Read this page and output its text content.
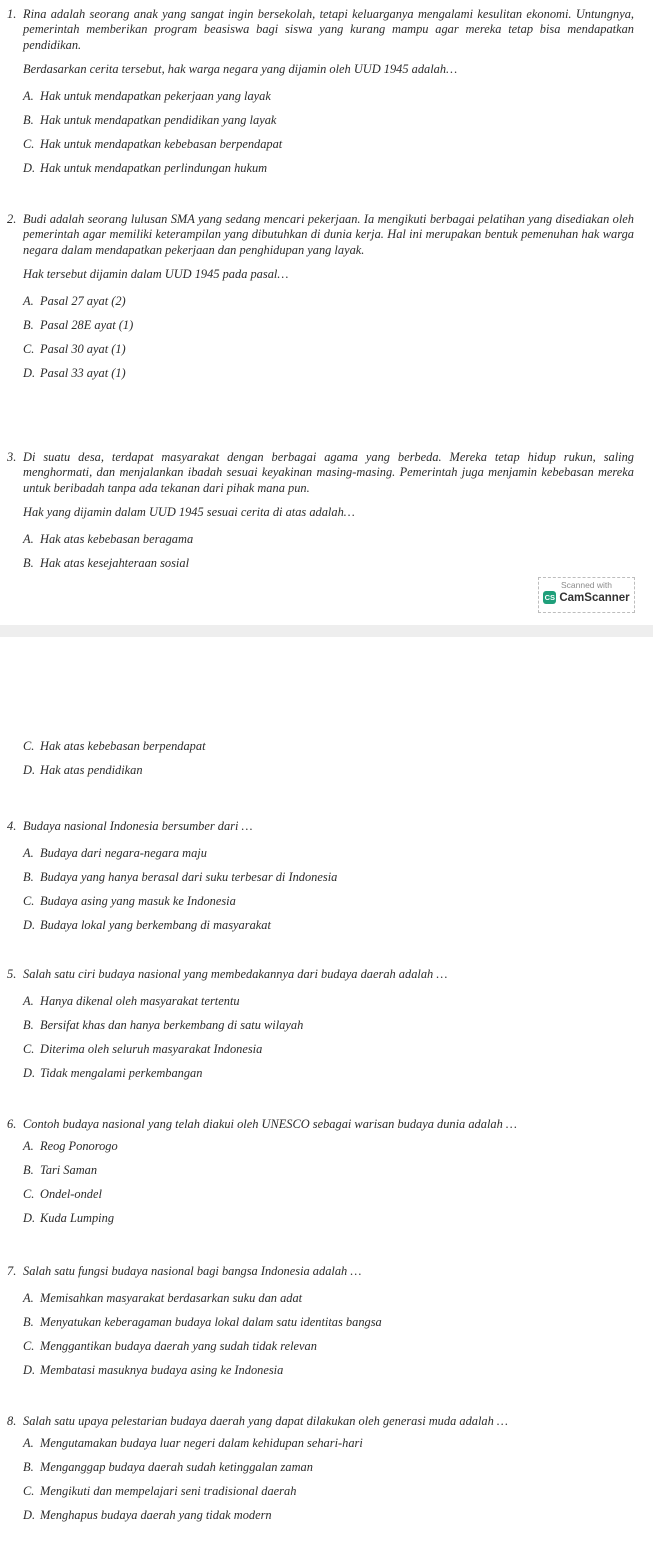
1. Rina adalah seorang anak yang sangat ingin bersekolah, tetapi keluarganya mengalami kesulitan ekonomi. Untungnya, pemerintah memberikan program beasiswa bagi siswa yang kurang mampu agar mereka tetap bisa mendapatkan pendidikan.
Berdasarkan cerita tersebut, hak warga negara yang dijamin oleh UUD 1945 adalah…
A. Hak untuk mendapatkan pekerjaan yang layak
B. Hak untuk mendapatkan pendidikan yang layak
C. Hak untuk mendapatkan kebebasan berpendapat
D. Hak untuk mendapatkan perlindungan hukum
2. Budi adalah seorang lulusan SMA yang sedang mencari pekerjaan. Ia mengikuti berbagai pelatihan yang disediakan oleh pemerintah agar memiliki keterampilan yang dibutuhkan di dunia kerja. Hal ini merupakan bentuk pemenuhan hak warga negara dalam mendapatkan pekerjaan dan penghidupan yang layak.
Hak tersebut dijamin dalam UUD 1945 pada pasal…
A. Pasal 27 ayat (2)
B. Pasal 28E ayat (1)
C. Pasal 30 ayat (1)
D. Pasal 33 ayat (1)
3. Di suatu desa, terdapat masyarakat dengan berbagai agama yang berbeda. Mereka tetap hidup rukun, saling menghormati, dan menjalankan ibadah sesuai keyakinan masing-masing. Pemerintah juga menjamin kebebasan mereka untuk beribadah tanpa ada tekanan dari pihak mana pun.
Hak yang dijamin dalam UUD 1945 sesuai cerita di atas adalah…
A. Hak atas kebebasan beragama
B. Hak atas kesejahteraan sosial
Scanned with
CS CamScanner
C. Hak atas kebebasan berpendapat
D. Hak atas pendidikan
4. Budaya nasional Indonesia bersumber dari …
A. Budaya dari negara-negara maju
B. Budaya yang hanya berasal dari suku terbesar di Indonesia
C. Budaya asing yang masuk ke Indonesia
D. Budaya lokal yang berkembang di masyarakat
5. Salah satu ciri budaya nasional yang membedakannya dari budaya daerah adalah …
A. Hanya dikenal oleh masyarakat tertentu
B. Bersifat khas dan hanya berkembang di satu wilayah
C. Diterima oleh seluruh masyarakat Indonesia
D. Tidak mengalami perkembangan
6. Contoh budaya nasional yang telah diakui oleh UNESCO sebagai warisan budaya dunia adalah …
A. Reog Ponorogo
B. Tari Saman
C. Ondel-ondel
D. Kuda Lumping
7. Salah satu fungsi budaya nasional bagi bangsa Indonesia adalah …
A. Memisahkan masyarakat berdasarkan suku dan adat
B. Menyatukan keberagaman budaya lokal dalam satu identitas bangsa
C. Menggantikan budaya daerah yang sudah tidak relevan
D. Membatasi masuknya budaya asing ke Indonesia
8. Salah satu upaya pelestarian budaya daerah yang dapat dilakukan oleh generasi muda adalah …
A. Mengutamakan budaya luar negeri dalam kehidupan sehari-hari
B. Menganggap budaya daerah sudah ketinggalan zaman
C. Mengikuti dan mempelajari seni tradisional daerah
D. Menghapus budaya daerah yang tidak modern
